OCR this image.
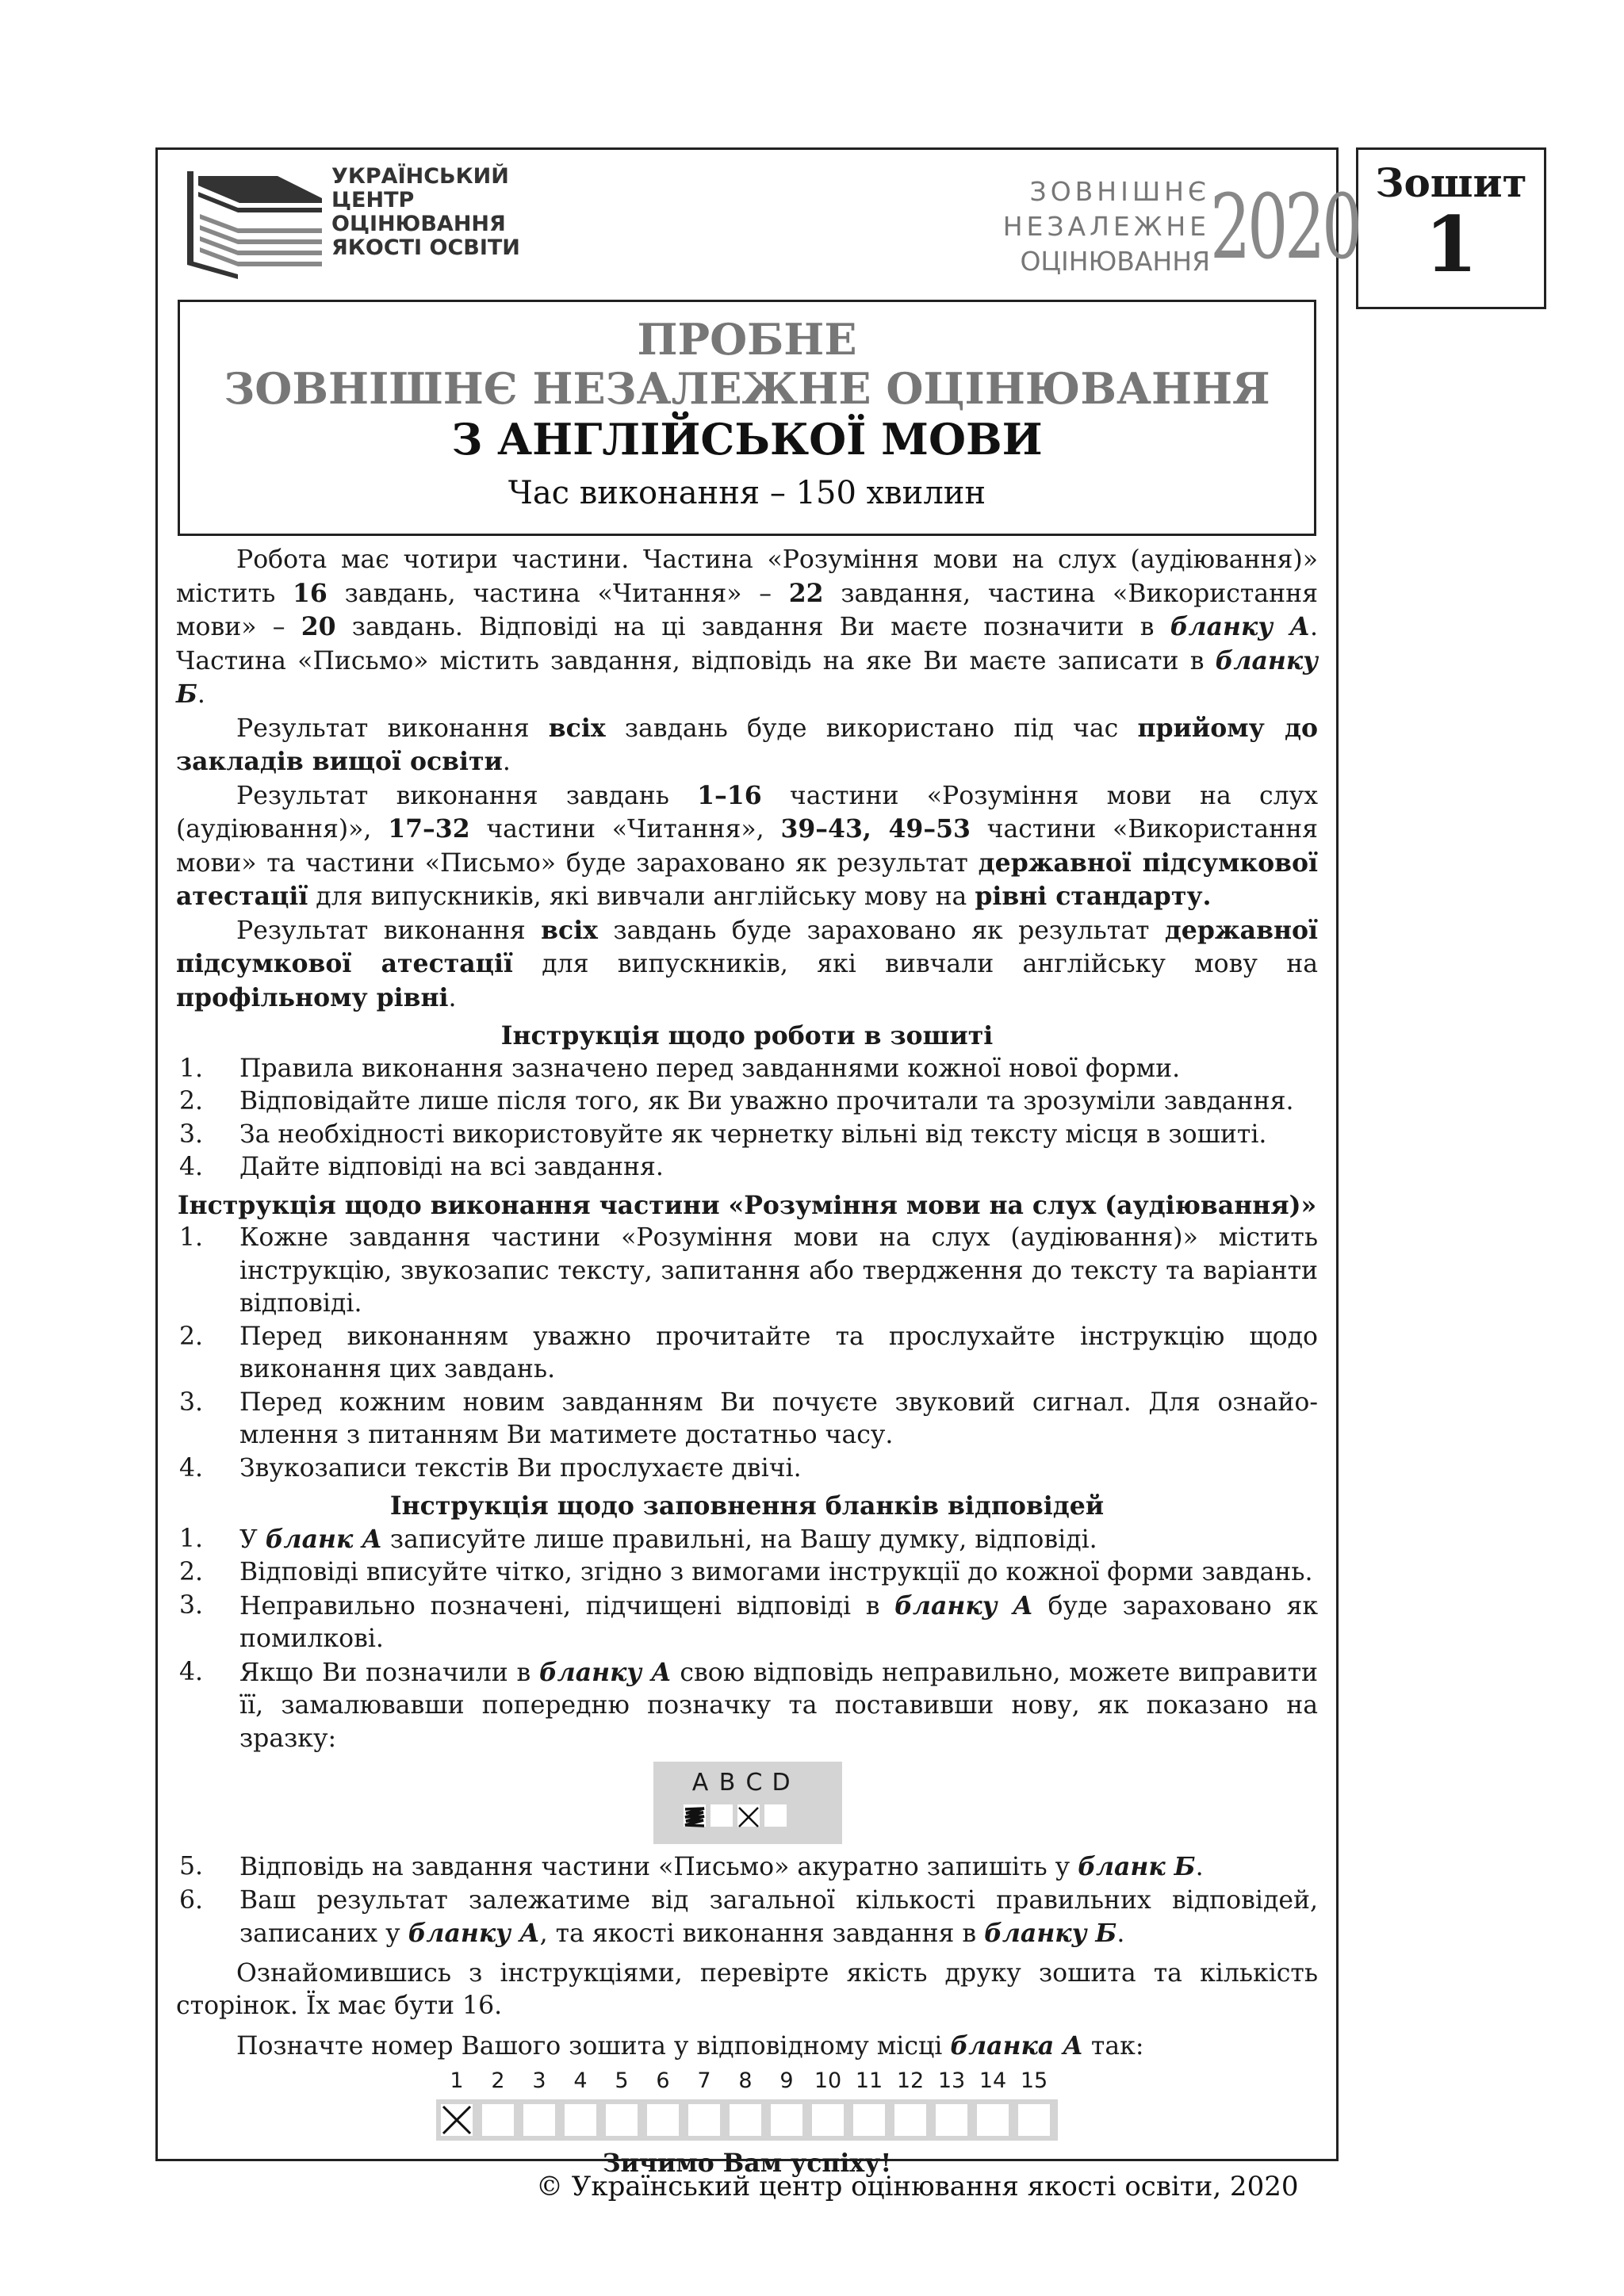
Зошит
1
УКРАЇНСЬКИЙ
ЦЕНТР
ОЦІНЮВАННЯ
ЯКОСТІ ОСВІТИ
ЗОВНІШНЄ
НЕЗАЛЕЖНЕ
ОЦІНЮВАННЯ 2020
ПРОБНЕ
ЗОВНІШНЄ НЕЗАЛЕЖНЕ ОЦІНЮВАННЯ
З АНГЛІЙСЬКОЇ МОВИ
Час виконання – 150 хвилин

Робота має чотири частини. Частина «Розуміння мови на слух (аудіювання)» містить 16 завдань, частина «Читання» – 22 завдання, частина «Використання мови» – 20 завдань. Відповіді на ці завдання Ви маєте позначити в бланку А. Частина «Письмо» містить завдання, відповідь на яке Ви маєте записати в бланку Б.

Результат виконання всіх завдань буде використано під час прийому до закладів вищої освіти.

Результат виконання завдань 1–16 частини «Розуміння мови на слух (аудіювання)», 17–32 частини «Читання», 39–43, 49–53 частини «Використання мови» та частини «Письмо» буде зараховано як результат державної підсумкової атестації для випускників, які вивчали англійську мову на рівні стандарту.

Результат виконання всіх завдань буде зараховано як результат державної підсумкової атестації для випускників, які вивчали англійську мову на профільному рівні.

Інструкція щодо роботи в зошиті
1. Правила виконання зазначено перед завданнями кожної нової форми.
2. Відповідайте лише після того, як Ви уважно прочитали та зрозуміли завдання.
3. За необхідності використовуйте як чернетку вільні від тексту місця в зошиті.
4. Дайте відповіді на всі завдання.
Інструкція щодо виконання частини «Розуміння мови на слух (аудіювання)»
1. Кожне завдання частини «Розуміння мови на слух (аудіювання)» містить інструкцію, звукозапис тексту, запитання або твердження до тексту та варіанти відповіді.
2. Перед виконанням уважно прочитайте та прослухайте інструкцію щодо виконання цих завдань.
3. Перед кожним новим завданням Ви почуєте звуковий сигнал. Для ознайомлення з питанням Ви матимете достатньо часу.
4. Звукозаписи текстів Ви прослухаєте двічі.
Інструкція щодо заповнення бланків відповідей
1. У бланк А записуйте лише правильні, на Вашу думку, відповіді.
2. Відповіді вписуйте чітко, згідно з вимогами інструкції до кожної форми завдань.
3. Неправильно позначені, підчищені відповіді в бланку А буде зараховано як помилкові.
4. Якщо Ви позначили в бланку А свою відповідь неправильно, можете виправити її, замалювавши попередню позначку та поставивши нову, як показано на зразку:
A B C D
5. Відповідь на завдання частини «Письмо» акуратно запишіть у бланк Б.
6. Ваш результат залежатиме від загальної кількості правильних відповідей, записаних у бланку А, та якості виконання завдання в бланку Б.

Ознайомившись з інструкціями, перевірте якість друку зошита та кількість сторінок. Їх має бути 16.

Позначте номер Вашого зошита у відповідному місці бланка А так:

1 2 3 4 5 6 7 8 9 10 11 12 13 14 15
Зичимо Вам успіху!
© Український центр оцінювання якості освіти, 2020
